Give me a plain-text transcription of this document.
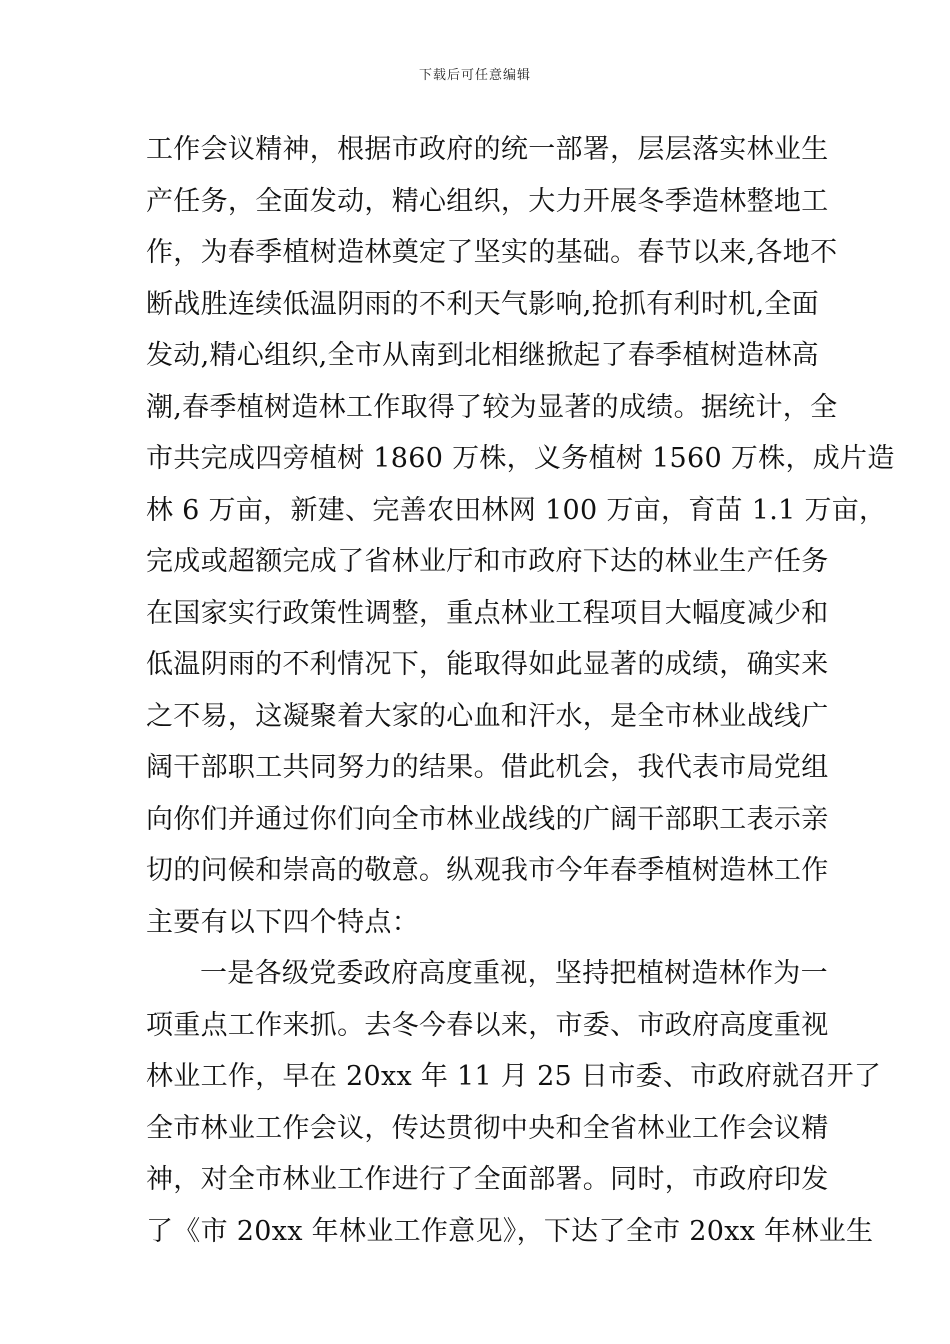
下载后可任意编辑
工作会议精神，根据市政府的统一部署，层层落实林业生
产任务，全面发动，精心组织，大力开展冬季造林整地工
作，为春季植树造林奠定了坚实的基础。春节以来,各地不
断战胜连续低温阴雨的不利天气影响,抢抓有利时机,全面
发动,精心组织,全市从南到北相继掀起了春季植树造林高
潮,春季植树造林工作取得了较为显著的成绩。据统计，全
市共完成四旁植树 1860 万株，义务植树 1560 万株，成片造
林 6 万亩，新建、完善农田林网 100 万亩，育苗 1.1 万亩，
完成或超额完成了省林业厅和市政府下达的林业生产任务
在国家实行政策性调整，重点林业工程项目大幅度减少和
低温阴雨的不利情况下，能取得如此显著的成绩，确实来
之不易，这凝聚着大家的心血和汗水，是全市林业战线广
阔干部职工共同努力的结果。借此机会，我代表市局党组
向你们并通过你们向全市林业战线的广阔干部职工表示亲
切的问候和崇高的敬意。纵观我市今年春季植树造林工作
主要有以下四个特点：
一是各级党委政府高度重视，坚持把植树造林作为一
项重点工作来抓。去冬今春以来，市委、市政府高度重视
林业工作，早在 20xx 年 11 月 25 日市委、市政府就召开了
全市林业工作会议，传达贯彻中央和全省林业工作会议精
神，对全市林业工作进行了全面部署。同时，市政府印发
了《市 20xx 年林业工作意见》，下达了全市 20xx 年林业生
